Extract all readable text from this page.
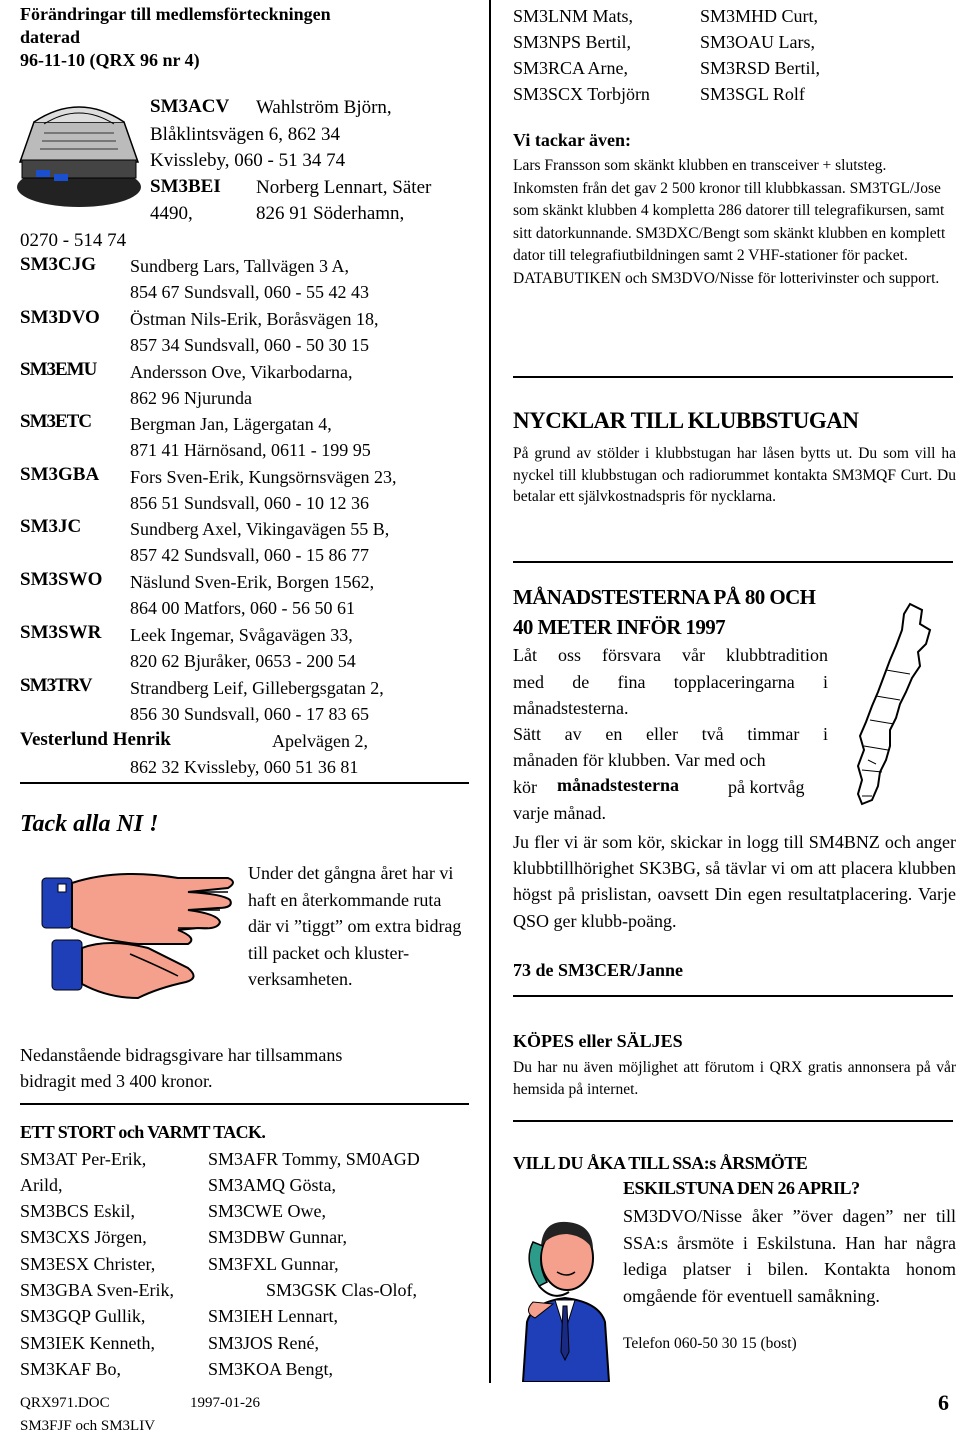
Förändringar till medlemsförteckningen
daterad
96-11-10 (QRX 96 nr 4)
SM3ACV Wahlström Björn,
Blåklintsvägen 6, 862 34
Kvissleby, 060 - 51 34 74
SM3BEI Norberg Lennart, Säter
4490,	826 91 Söderhamn,
0270 - 514 74
SM3CJG Sundberg Lars, Tallvägen 3 A,
854 67 Sundsvall, 060 - 55 42 43
SM3DVO Östman Nils-Erik, Boråsvägen 18,
857 34 Sundsvall, 060 - 50 30 15
SM3EMU Andersson Ove, Vikarbodarna,
862 96 Njurunda
SM3ETC Bergman Jan, Lägergatan 4,
871 41 Härnösand, 0611 - 199 95
SM3GBA Fors Sven-Erik, Kungsörnsvägen 23,
856 51 Sundsvall, 060 - 10 12 36
SM3JC	Sundberg Axel, Vikingavägen 55 B,
857 42 Sundsvall, 060 - 15 86 77
SM3SWO Näslund Sven-Erik, Borgen 1562,
864 00 Matfors, 060 - 56 50 61
SM3SWR Leek Ingemar, Svågavägen 33,
820 62 Bjuråker, 0653 - 200 54
SM3TRV Strandberg Leif, Gillebergsgatan 2,
856 30 Sundsvall, 060 - 17 83 65
Vesterlund Henrik	Apelvägen 2,
862 32 Kvissleby, 060 51 36 81
Tack alla NI !
Under det gångna året har vi haft en återkommande ruta där vi ”tiggt” om extra bidrag till packet och kluster-verksamheten.
Nedanstående bidragsgivare har tillsammans
bidragit med 3 400 kronor.
ETT STORT och VARMT TACK.
SM3AT Per-Erik,	SM3AFR Tommy, SM0AGD
Arild,	SM3AMQ Gösta,
SM3BCS Eskil,	SM3CWE Owe,
SM3CXS Jörgen,	SM3DBW Gunnar,
SM3ESX Christer,	SM3FXL Gunnar,
SM3GBA Sven-Erik,	SM3GSK Clas-Olof,
SM3GQP Gullik,	SM3IEH Lennart,
SM3IEK Kenneth,	SM3JOS René,
SM3KAF Bo,	SM3KOA Bengt,
QRX971.DOC	1997-01-26
SM3FJF och SM3LIV
6
SM3LNM Mats,	SM3MHD Curt,
SM3NPS Bertil,	SM3OAU Lars,
SM3RCA Arne,	SM3RSD Bertil,
SM3SCX Torbjörn	SM3SGL Rolf
Vi tackar även:
Lars Fransson som skänkt klubben en transceiver + slutsteg. Inkomsten från det gav 2 500 kronor till klubbkassan. SM3TGL/Jose som skänkt klubben 4 kompletta 286 datorer till telegrafikursen, samt sitt datorkunnande. SM3DXC/Bengt som skänkt klubben en komplett dator till telegrafiutbildningen samt 2 VHF-stationer för packet. DATABUTIKEN och SM3DVO/Nisse för lotterivinster och support.
NYCKLAR TILL KLUBBSTUGAN
På grund av stölder i klubbstugan har låsen bytts ut. Du som vill ha nyckel till klubbstugan och radiorummet kontakta SM3MQF Curt. Du betalar ett självkostnadspris för nycklarna.
MÅNADSTESTERNA PÅ 80 OCH
40 METER INFÖR 1997
Låt oss försvara vår klubbtradition
med de fina topplaceringarna i
månadstesterna.
Sätt av en eller två timmar i
månaden för klubben. Var med och
kör månadstesterna	på kortvåg
varje månad.
Ju fler vi är som kör, skickar in logg till SM4BNZ och anger klubbtillhörighet SK3BG, så tävlar vi om att placera klubben högst på prislistan, oavsett Din egen resultatplacering. Varje QSO ger klubb-poäng.
73 de SM3CER/Janne
KÖPES eller SÄLJES
Du har nu även möjlighet att förutom i QRX gratis annonsera på vår hemsida på internet.
VILL DU ÅKA TILL SSA:s ÅRSMÖTE
ESKILSTUNA DEN 26 APRIL?
SM3DVO/Nisse åker ”över dagen” ner till SSA:s årsmöte i Eskilstuna. Han har några lediga platser i bilen. Kontakta honom omgående för eventuell samåkning.
Telefon 060-50 30 15 (bost)
